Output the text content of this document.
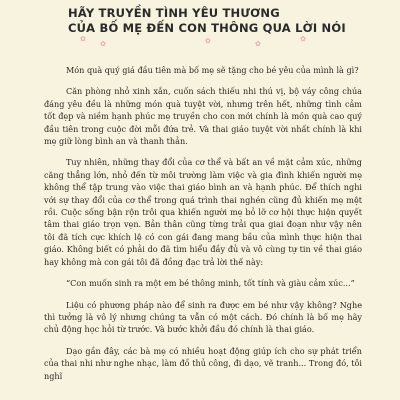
✿
✿	✿	✿
✿
HÃY TRUYỀN TÌNH YÊU THƯƠNG
CỦA BỐ MẸ ĐẾN CON THÔNG QUA LỜI NÓI

Món quà quý giá đầu tiên mà bố mẹ sẽ tặng cho bé yêu của mình là gì?

Căn phòng nhỏ xinh xắn, cuốn sách thiếu nhi thú vị, bộ váy công chúa đáng yêu đều là những món quà tuyệt vời, nhưng trên hết, những tình cảm tốt đẹp và niềm hạnh phúc mẹ truyền cho con mới chính là món quà cao quý đầu tiên trong cuộc đời mỗi đứa trẻ. Và thai giáo tuyệt vời nhất chính là khi mẹ giữ lòng bình an và thanh thản.

Tuy nhiên, những thay đổi của cơ thể và bất an về mặt cảm xúc, những căng thẳng lớn, nhỏ đến từ môi trường làm việc và gia đình khiến người mẹ không thể tập trung vào việc thai giáo bình an và hạnh phúc. Để thích nghi với sự thay đổi của cơ thể trong quá trình thai nghén cũng đủ khiến mẹ mệt rồi. Cuộc sống bận rộn trôi qua khiến người mẹ bỏ lỡ cơ hội thực hiện quyết tâm thai giáo trọn vẹn. Bản thân cũng từng trải qua giai đoạn như vậy nên tôi đã tích cực khích lệ có con gái đang mang bầu của mình thực hiện thai giáo. Không biết có phải do đã tìm hiểu đầy đủ và vô cùng tự tin về thai giáo hay không mà con gái tôi đã đồng đạc trả lời thế này:

“Con muốn sinh ra một em bé thông minh, tốt tính và giàu cảm xúc...”

Liệu có phương pháp nào để sinh ra được em bé như vậy không? Nghe thì tưởng là vô lý nhưng chúng ta vẫn có một cách. Đó chính là bố mẹ hãy chủ động học hỏi từ trước. Và bước khởi đầu đó chính là thai giáo.

Dạo gần đây, các bà mẹ có nhiều hoạt động giúp ích cho sự phát triển của thai nhi như nghe nhạc, làm đồ thủ công, đi dạo, vẽ tranh... Trong đó, tôi nghĩ
